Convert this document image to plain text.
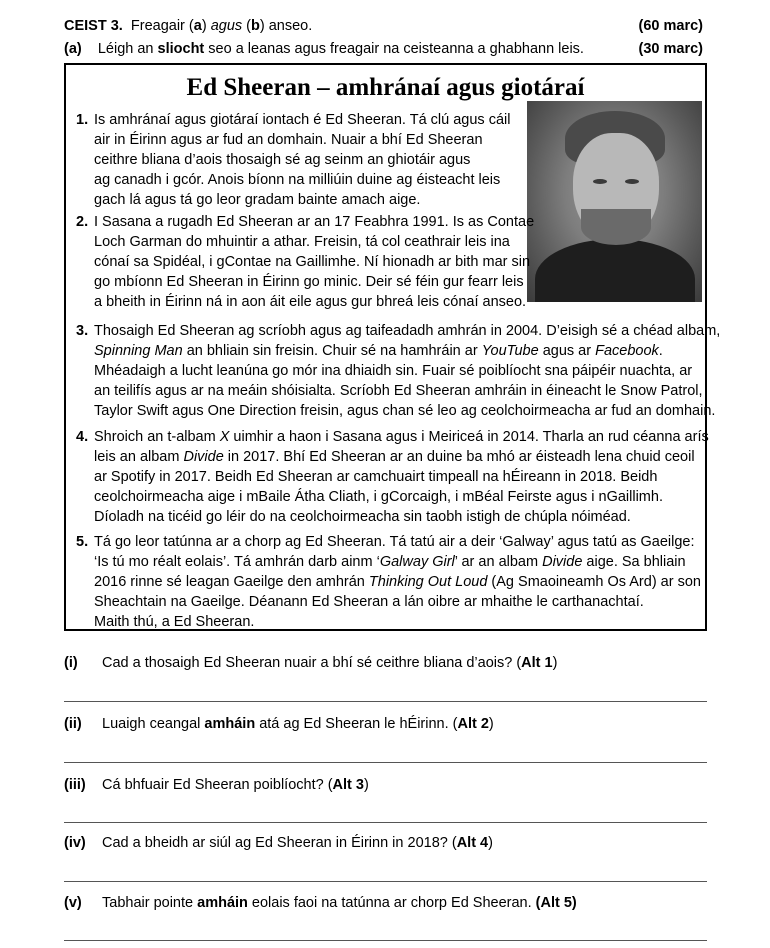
CEIST 3. Freagair (a) agus (b) anseo.	(60 marc)
(a) Léigh an sliocht seo a leanas agus freagair na ceisteanna a ghabhann leis.	(30 marc)
Ed Sheeran – amhránaí agus giotáraí
1. Is amhránaí agus giotáraí iontach é Ed Sheeran. Tá clú agus cáil
air in Éirinn agus ar fud an domhain. Nuair a bhí Ed Sheeran
ceithre bliana d’aois thosaigh sé ag seinm an ghiotáir agus
ag canadh i gcór. Anois bíonn na milliúin duine ag éisteacht leis
gach lá agus tá go leor gradam bainte amach aige.
2. I Sasana a rugadh Ed Sheeran ar an 17 Feabhra 1991. Is as Contae
Loch Garman do mhuintir a athar. Freisin, tá col ceathrair leis ina
cónaí sa Spidéal, i gContae na Gaillimhe. Ní hionadh ar bith mar sin
go mbíonn Ed Sheeran in Éirinn go minic. Deir sé féin gur fearr leis
a bheith in Éirinn ná in aon áit eile agus gur bhreá leis cónaí anseo.
3. Thosaigh Ed Sheeran ag scríobh agus ag taifeadadh amhrán in 2004. D’eisigh sé a chéad albam,
Spinning Man an bhliain sin freisin. Chuir sé na hamhráin ar YouTube agus ar Facebook.
Mhéadaigh a lucht leanúna go mór ina dhiaidh sin. Fuair sé poiblíocht sna páipéir nuachta, ar
an teilifís agus ar na meáin shóisialta. Scríobh Ed Sheeran amhráin in éineacht le Snow Patrol,
Taylor Swift agus One Direction freisin, agus chan sé leo ag ceolchoirmeacha ar fud an domhain.
4. Shroich an t-albam X uimhir a haon i Sasana agus i Meiriceá in 2014. Tharla an rud céanna arís
leis an albam Divide in 2017. Bhí Ed Sheeran ar an duine ba mhó ar éisteadh lena chuid ceoil
ar Spotify in 2017. Beidh Ed Sheeran ar camchuairt timpeall na hÉireann in 2018. Beidh
ceolchoirmeacha aige i mBaile Átha Cliath, i gCorcaigh, i mBéal Feirste agus i nGaillimh.
Díoladh na ticéid go léir do na ceolchoirmeacha sin taobh istigh de chúpla nóiméad.
5. Tá go leor tatúnna ar a chorp ag Ed Sheeran. Tá tatú air a deir ‘Galway’ agus tatú as Gaeilge:
‘Is tú mo réalt eolais’. Tá amhrán darb ainm ‘Galway Girl’ ar an albam Divide aige. Sa bhliain
2016 rinne sé leagan Gaeilge den amhrán Thinking Out Loud (Ag Smaoineamh Os Ard) ar son
Sheachtain na Gaeilge. Déanann Ed Sheeran a lán oibre ar mhaithe le carthanachtaí.
Maith thú, a Ed Sheeran.
(i) Cad a thosaigh Ed Sheeran nuair a bhí sé ceithre bliana d’aois? (Alt 1)
(ii) Luaigh ceangal amháin atá ag Ed Sheeran le hÉirinn. (Alt 2)
(iii) Cá bhfuair Ed Sheeran poiblíocht? (Alt 3)
(iv) Cad a bheidh ar siúl ag Ed Sheeran in Éirinn in 2018? (Alt 4)
(v) Tabhair pointe amháin eolais faoi na tatúnna ar chorp Ed Sheeran. (Alt 5)
